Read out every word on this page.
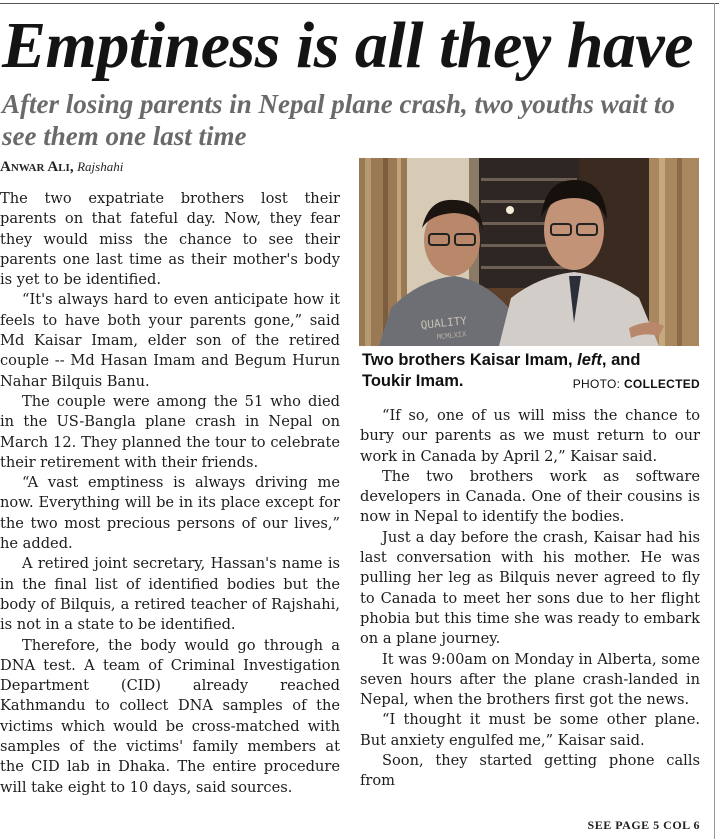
Emptiness is all they have
After losing parents in Nepal plane crash, two youths wait to see them one last time
Anwar Ali, Rajshahi

The two expatriate brothers lost their parents on that fateful day. Now, they fear they would miss the chance to see their parents one last time as their mother's body is yet to be identified.

“It's always hard to even anticipate how it feels to have both your parents gone,” said Md Kaisar Imam, elder son of the retired couple -- Md Hasan Imam and Begum Hurun Nahar Bilquis Banu.

The couple were among the 51 who died in the US-Bangla plane crash in Nepal on March 12. They planned the tour to celebrate their retirement with their friends.

“A vast emptiness is always driving me now. Everything will be in its place except for the two most precious persons of our lives,” he added.

A retired joint secretary, Hassan's name is in the final list of identified bodies but the body of Bilquis, a retired teacher of Rajshahi, is not in a state to be identified.

Therefore, the body would go through a DNA test. A team of Criminal Investigation Department (CID) already reached Kathmandu to collect DNA samples of the victims which would be cross-matched with samples of the victims' family members at the CID lab in Dhaka. The entire procedure will take eight to 10 days, said sources.

QUALITY
MCMLXIX
Two brothers Kaisar Imam, left, and
Toukir Imam.	PHOTO: COLLECTED

“If so, one of us will miss the chance to bury our parents as we must return to our work in Canada by April 2,” Kaisar said.

The two brothers work as software developers in Canada. One of their cousins is now in Nepal to identify the bodies.

Just a day before the crash, Kaisar had his last conversation with his mother. He was pulling her leg as Bilquis never agreed to fly to Canada to meet her sons due to her flight phobia but this time she was ready to embark on a plane journey.

It was 9:00am on Monday in Alberta, some seven hours after the plane crash-landed in Nepal, when the brothers first got the news.

“I thought it must be some other plane. But anxiety engulfed me,” Kaisar said.

Soon, they started getting phone calls from

SEE PAGE 5 COL 6
